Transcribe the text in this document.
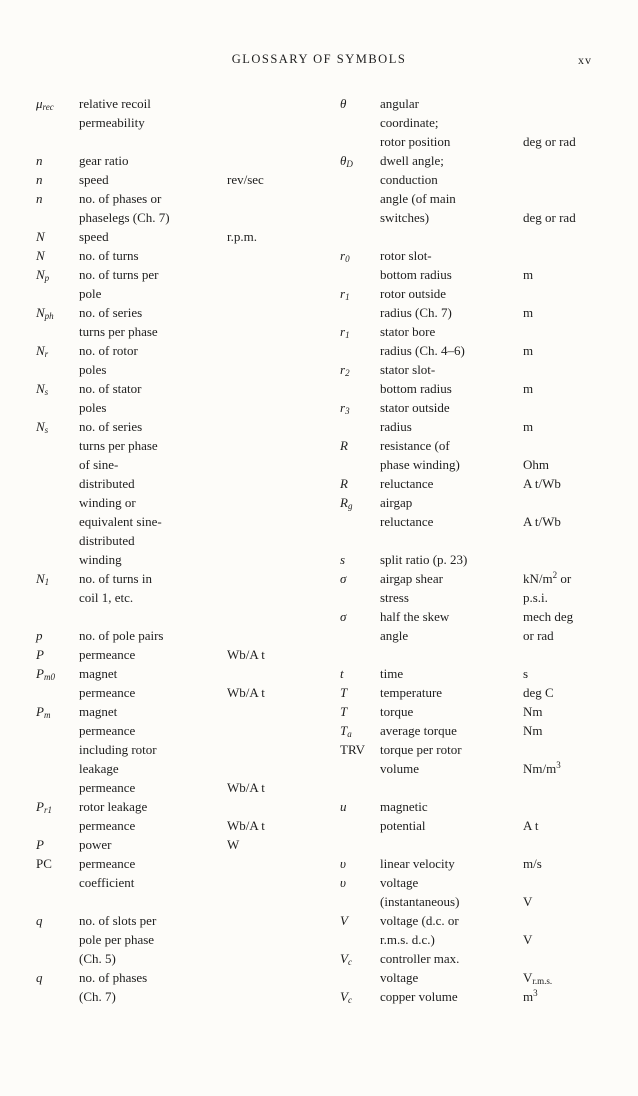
GLOSSARY OF SYMBOLS	xv
$\mu_{rec}$ relative recoil
permeability
n	gear ratio
n	speed	rev/sec
n	no. of phases or
phaselegs (Ch. 7)
N	speed	r.p.m.
N	no. of turns
$N_p$ no. of turns per
pole
$N_{ph}$ no. of series
turns per phase
$N_r$ no. of rotor
poles
$N_s$ no. of stator
poles
$N_s$ no. of series
turns per phase
of sine-
distributed
winding or
equivalent sine-
distributed
winding
$N_1$ no. of turns in
coil 1, etc.
p	no. of pole pairs
P	permeance	Wb/A t
$P_{m0}$ magnet
permeance	Wb/A t
$P_m$ magnet
permeance
including rotor
leakage
permeance	Wb/A t
$P_{r1}$ rotor leakage
permeance	Wb/A t
P	power	W
PC permeance
coefficient
q	no. of slots per
pole per phase
(Ch. 5)
q	no. of phases
(Ch. 7)
θ	angular
coordinate;
rotor position	deg or rad
$\theta_D$ dwell angle;
conduction
angle (of main
switches)	deg or rad
$r_0$ rotor slot-
bottom radius	m
$r_1$ rotor outside
radius (Ch. 7)	m
$r_1$ stator bore
radius (Ch. 4–6)	m
$r_2$ stator slot-
bottom radius	m
$r_3$ stator outside
radius	m
R resistance (of
phase winding)	Ohm
R reluctance	A t/Wb
$R_g$ airgap
reluctance	A t/Wb
s	split ratio (p. 23)
σ	airgap shear	$kN/m^2$ or
stress	p.s.i.
σ	half the skew	mech deg
angle	or rad
t	time	s
T	temperature	deg C
T	torque	Nm
$T_a$ average torque	Nm
TRV torque per rotor
volume	$Nm/m^3$
u	magnetic
potential	A t
υ	linear velocity	m/s
υ	voltage
(instantaneous)	V
V voltage (d.c. or
r.m.s. d.c.)	V
$V_c$ controller max.
voltage	$V_{r.m.s.}$
$V_c$ copper volume	$m^3$
